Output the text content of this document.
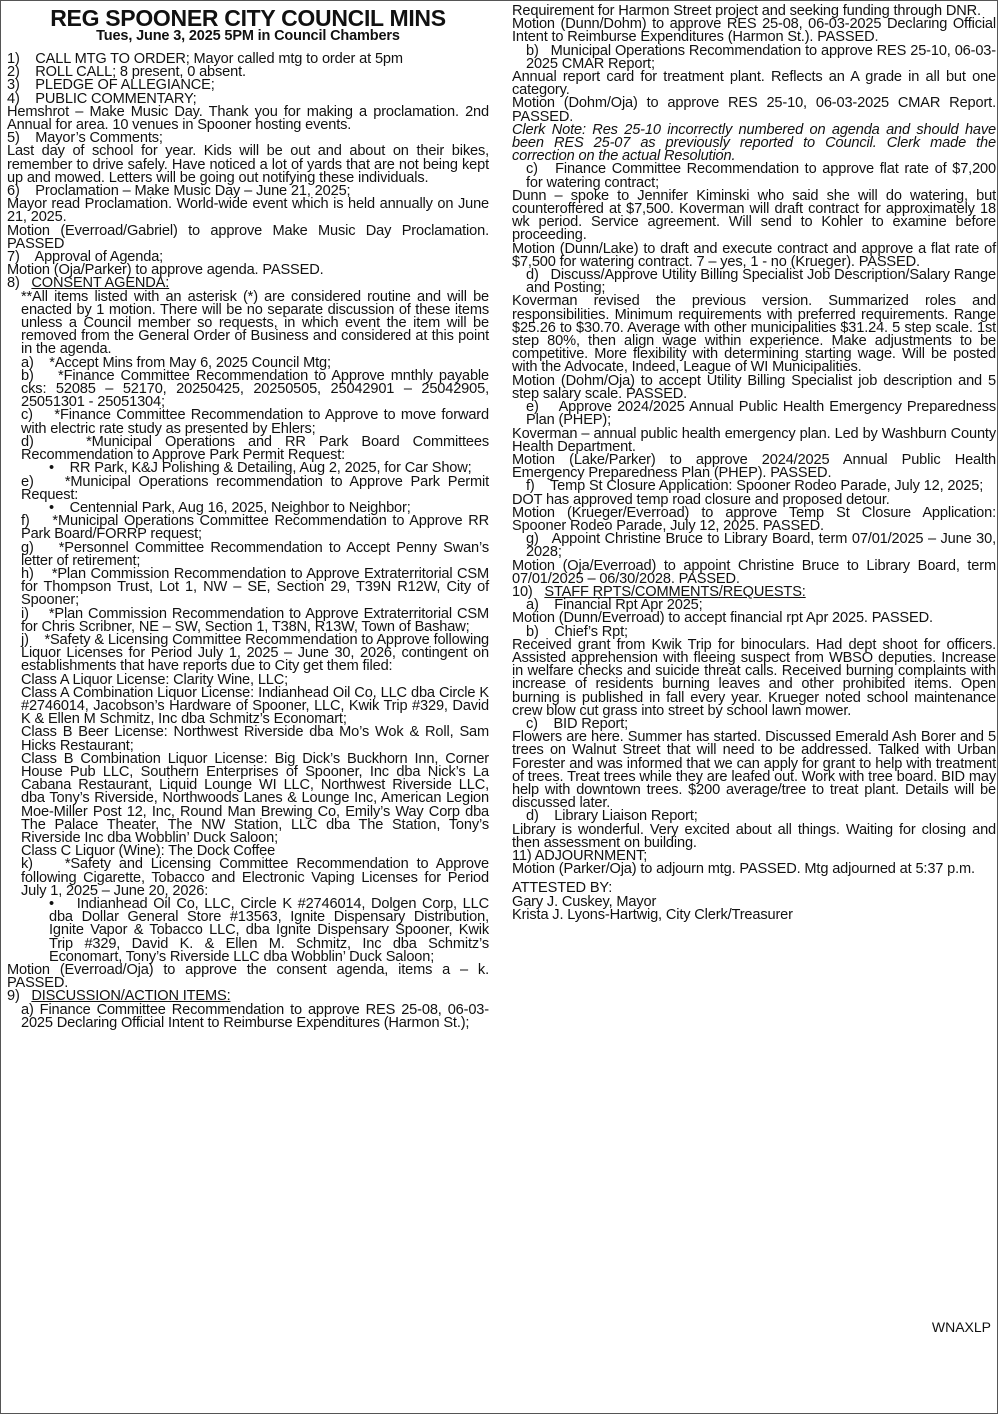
REG SPOONER CITY COUNCIL MINS
Tues, June 3, 2025 5PM in Council Chambers
1)    CALL MTG TO ORDER; Mayor called mtg to order at 5pm
2)    ROLL CALL; 8 present, 0 absent.
3)    PLEDGE OF ALLEGIANCE;
4)    PUBLIC COMMENTARY;
Hemshrot – Make Music Day. Thank you for making a proclamation. 2nd Annual for area. 10 venues in Spooner hosting events.
5)    Mayor’s Comments;
Last day of school for year. Kids will be out and about on their bikes, remember to drive safely. Have noticed a lot of yards that are not being kept up and mowed. Letters will be going out notifying these individuals.
6)    Proclamation – Make Music Day – June 21, 2025;
Mayor read Proclamation. World-wide event which is held annually on June 21, 2025.
Motion (Everroad/Gabriel) to approve Make Music Day Proclamation. PASSED
7)    Approval of Agenda;
Motion (Oja/Parker) to approve agenda. PASSED.
8)   CONSENT AGENDA:
**All items listed with an asterisk (*) are considered routine and will be enacted by 1 motion. There will be no separate discussion of these items unless a Council member so requests, in which event the item will be removed from the General Order of Business and considered at this point in the agenda.
a)    *Accept Mins from May 6, 2025 Council Mtg;
b)    *Finance Committee Recommendation to Approve mnthly payable cks: 52085 – 52170, 20250425, 20250505, 25042901 – 25042905, 25051301 - 25051304;
c)    *Finance Committee Recommendation to Approve to move forward with electric rate study as presented by Ehlers;
d)    *Municipal Operations and RR Park Board Committees Recommendation to Approve Park Permit Request:
•    RR Park, K&J Polishing & Detailing, Aug 2, 2025, for Car Show;
e)    *Municipal Operations recommendation to Approve Park Permit Request:
•    Centennial Park, Aug 16, 2025, Neighbor to Neighbor;
f)    *Municipal Operations Committee Recommendation to Approve RR Park Board/FORRP request;
g)    *Personnel Committee Recommendation to Accept Penny Swan’s letter of retirement;
h)    *Plan Commission Recommendation to Approve Extraterritorial CSM for Thompson Trust, Lot 1, NW – SE, Section 29, T39N R12W, City of Spooner;
i)    *Plan Commission Recommendation to Approve Extraterritorial CSM for Chris Scribner, NE – SW, Section 1, T38N, R13W, Town of Bashaw;
j)    *Safety & Licensing Committee Recommendation to Approve following Liquor Licenses for Period July 1, 2025 – June 30, 2026, contingent on establishments that have reports due to City get them filed:
Class A Liquor License: Clarity Wine, LLC;
Class A Combination Liquor License: Indianhead Oil Co, LLC dba Circle K #2746014, Jacobson’s Hardware of Spooner, LLC, Kwik Trip #329, David K & Ellen M Schmitz, Inc dba Schmitz’s Economart;
Class B Beer License: Northwest Riverside dba Mo’s Wok & Roll, Sam Hicks Restaurant;
Class B Combination Liquor License: Big Dick’s Buckhorn Inn, Corner House Pub LLC, Southern Enterprises of Spooner, Inc dba Nick’s La Cabana Restaurant, Liquid Lounge WI LLC, Northwest Riverside LLC, dba Tony’s Riverside, Northwoods Lanes & Lounge Inc, American Legion Moe-Miller Post 12, Inc, Round Man Brewing Co, Emily’s Way Corp dba The Palace Theater, The NW Station, LLC dba The Station, Tony’s Riverside Inc dba Wobblin’ Duck Saloon;
Class C Liquor (Wine): The Dock Coffee
k)    *Safety and Licensing Committee Recommendation to Approve following Cigarette, Tobacco and Electronic Vaping Licenses for Period July 1, 2025 – June 20, 2026:
•    Indianhead Oil Co, LLC, Circle K #2746014, Dolgen Corp, LLC dba Dollar General Store #13563, Ignite Dispensary Distribution, Ignite Vapor & Tobacco LLC, dba Ignite Dispensary Spooner, Kwik Trip #329, David K. & Ellen M. Schmitz, Inc dba Schmitz’s Economart, Tony’s Riverside LLC dba Wobblin’ Duck Saloon;
Motion (Everroad/Oja) to approve the consent agenda, items a – k. PASSED.
9)   DISCUSSION/ACTION ITEMS:
a) Finance Committee Recommendation to approve RES 25-08, 06-03-2025 Declaring Official Intent to Reimburse Expenditures (Harmon St.);
Requirement for Harmon Street project and seeking funding through DNR.
Motion (Dunn/Dohm) to approve RES 25-08, 06-03-2025 Declaring Official Intent to Reimburse Expenditures (Harmon St.). PASSED.
b)   Municipal Operations Recommendation to approve RES 25-10, 06-03-2025 CMAR Report;
Annual report card for treatment plant. Reflects an A grade in all but one category.
Motion (Dohm/Oja) to approve RES 25-10, 06-03-2025 CMAR Report. PASSED.
Clerk Note: Res 25-10 incorrectly numbered on agenda and should have been RES 25-07 as previously reported to Council. Clerk made the correction on the actual Resolution.
c)   Finance Committee Recommendation to approve flat rate of $7,200 for watering contract;
Dunn – spoke to Jennifer Kiminski who said she will do watering, but counteroffered at $7,500. Koverman will draft contract for approximately 18 wk period. Service agreement. Will send to Kohler to examine before proceeding.
Motion (Dunn/Lake) to draft and execute contract and approve a flat rate of $7,500 for watering contract. 7 – yes, 1 - no (Krueger). PASSED.
d)   Discuss/Approve Utility Billing Specialist Job Description/Salary Range and Posting;
Koverman revised the previous version. Summarized roles and responsibilities. Minimum requirements with preferred requirements. Range $25.26 to $30.70. Average with other municipalities $31.24. 5 step scale. 1st step 80%, then align wage within experience. Make adjustments to be competitive. More flexibility with determining starting wage. Will be posted with the Advocate, Indeed, League of WI Municipalities.
Motion (Dohm/Oja) to accept Utility Billing Specialist job description and 5 step salary scale. PASSED.
e)    Approve 2024/2025 Annual Public Health Emergency Preparedness Plan (PHEP);
Koverman – annual public health emergency plan. Led by Washburn County Health Department.
Motion (Lake/Parker) to approve 2024/2025 Annual Public Health Emergency Preparedness Plan (PHEP). PASSED.
f)    Temp St Closure Application: Spooner Rodeo Parade, July 12, 2025;
DOT has approved temp road closure and proposed detour.
Motion (Krueger/Everroad) to approve Temp St Closure Application: Spooner Rodeo Parade, July 12, 2025. PASSED.
g)   Appoint Christine Bruce to Library Board, term 07/01/2025 – June 30, 2028;
Motion (Oja/Everroad) to appoint Christine Bruce to Library Board, term 07/01/2025 – 06/30/2028. PASSED.
10)   STAFF RPTS/COMMENTS/REQUESTS:
a)    Financial Rpt Apr 2025;
Motion (Dunn/Everroad) to accept financial rpt Apr 2025. PASSED.
b)    Chief’s Rpt;
Received grant from Kwik Trip for binoculars. Had dept shoot for officers. Assisted apprehension with fleeing suspect from WBSO deputies. Increase in welfare checks and suicide threat calls. Received burning complaints with increase of residents burning leaves and other prohibited items. Open burning is published in fall every year. Krueger noted school maintenance crew blow cut grass into street by school lawn mower.
c)    BID Report;
Flowers are here. Summer has started. Discussed Emerald Ash Borer and 5 trees on Walnut Street that will need to be addressed. Talked with Urban Forester and was informed that we can apply for grant to help with treatment of trees. Treat trees while they are leafed out. Work with tree board. BID may help with downtown trees. $200 average/tree to treat plant. Details will be discussed later.
d)    Library Liaison Report;
Library is wonderful. Very excited about all things. Waiting for closing and then assessment on building.
11) ADJOURNMENT;
Motion (Parker/Oja) to adjourn mtg. PASSED. Mtg adjourned at 5:37 p.m.
ATTESTED BY:
Gary J. Cuskey, Mayor
Krista J. Lyons-Hartwig, City Clerk/Treasurer
WNAXLP
